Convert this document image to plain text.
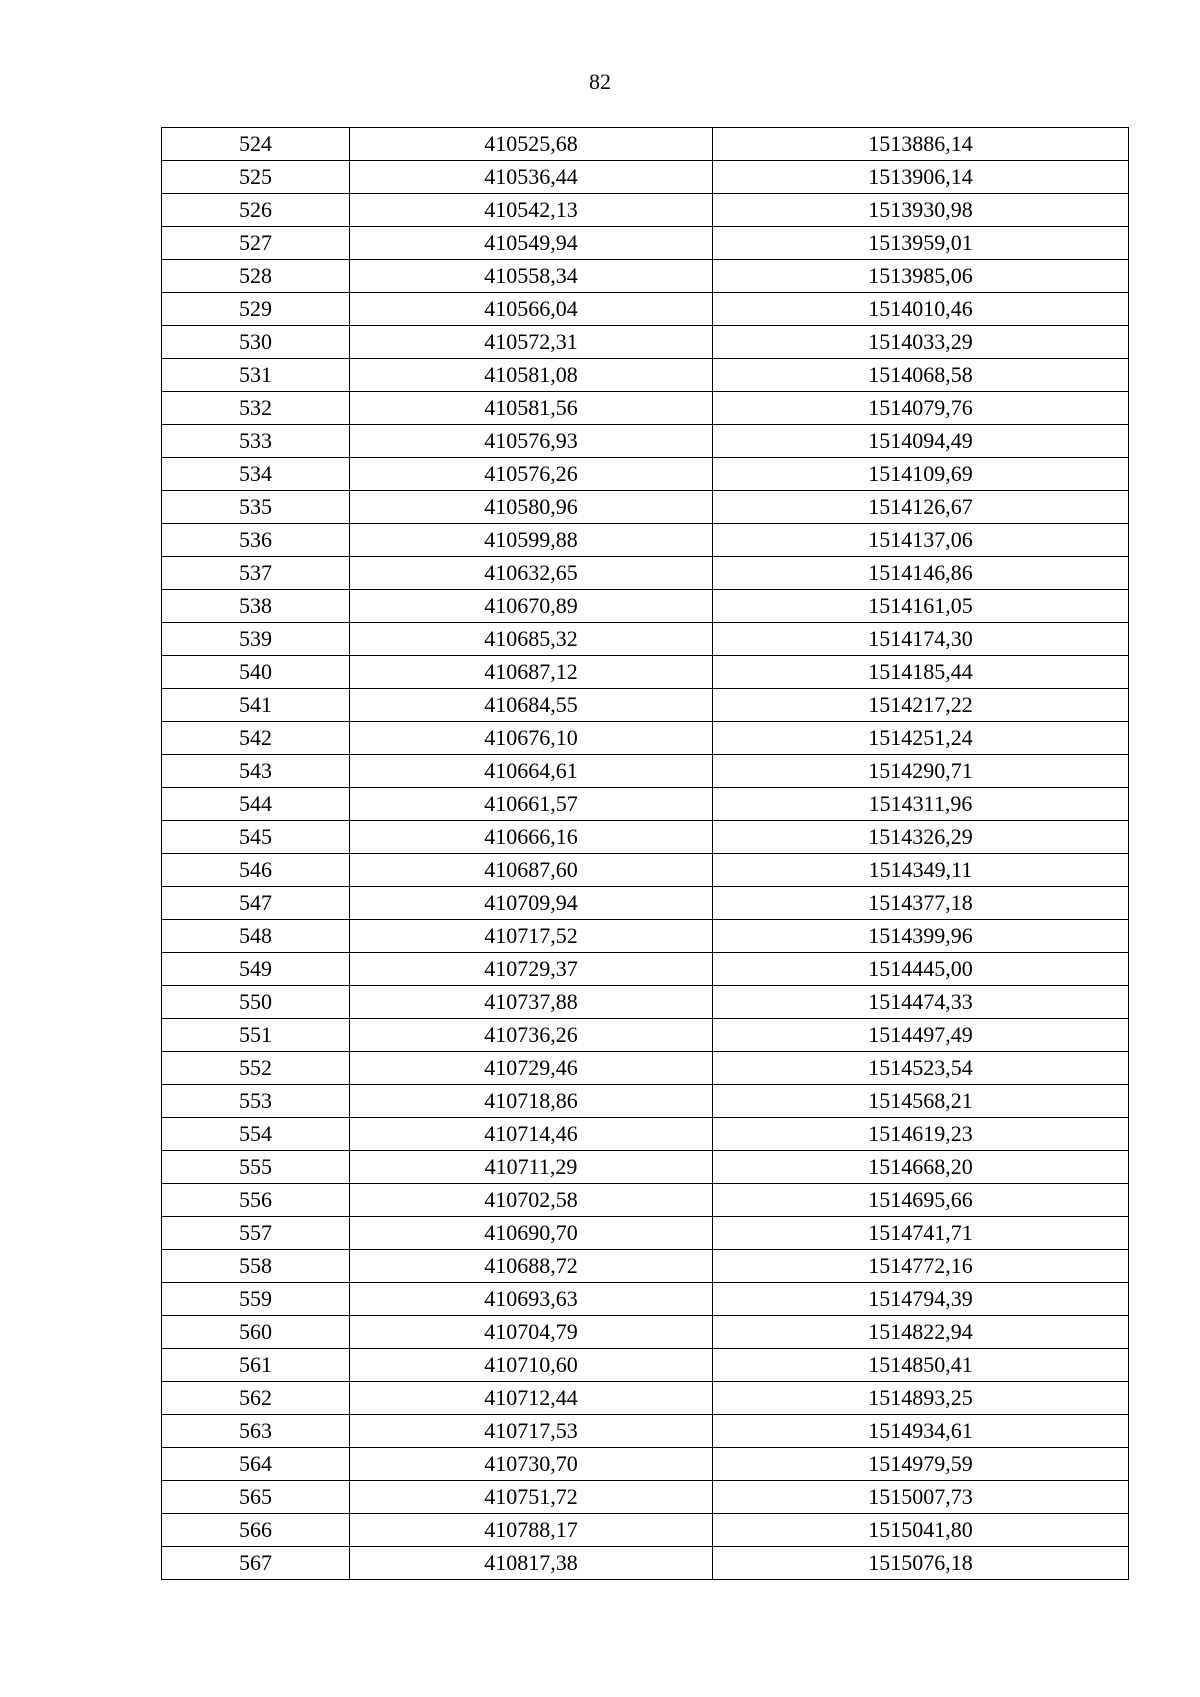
82
524	410525,68	1513886,14
525	410536,44	1513906,14
526	410542,13	1513930,98
527	410549,94	1513959,01
528	410558,34	1513985,06
529	410566,04	1514010,46
530	410572,31	1514033,29
531	410581,08	1514068,58
532	410581,56	1514079,76
533	410576,93	1514094,49
534	410576,26	1514109,69
535	410580,96	1514126,67
536	410599,88	1514137,06
537	410632,65	1514146,86
538	410670,89	1514161,05
539	410685,32	1514174,30
540	410687,12	1514185,44
541	410684,55	1514217,22
542	410676,10	1514251,24
543	410664,61	1514290,71
544	410661,57	1514311,96
545	410666,16	1514326,29
546	410687,60	1514349,11
547	410709,94	1514377,18
548	410717,52	1514399,96
549	410729,37	1514445,00
550	410737,88	1514474,33
551	410736,26	1514497,49
552	410729,46	1514523,54
553	410718,86	1514568,21
554	410714,46	1514619,23
555	410711,29	1514668,20
556	410702,58	1514695,66
557	410690,70	1514741,71
558	410688,72	1514772,16
559	410693,63	1514794,39
560	410704,79	1514822,94
561	410710,60	1514850,41
562	410712,44	1514893,25
563	410717,53	1514934,61
564	410730,70	1514979,59
565	410751,72	1515007,73
566	410788,17	1515041,80
567	410817,38	1515076,18
